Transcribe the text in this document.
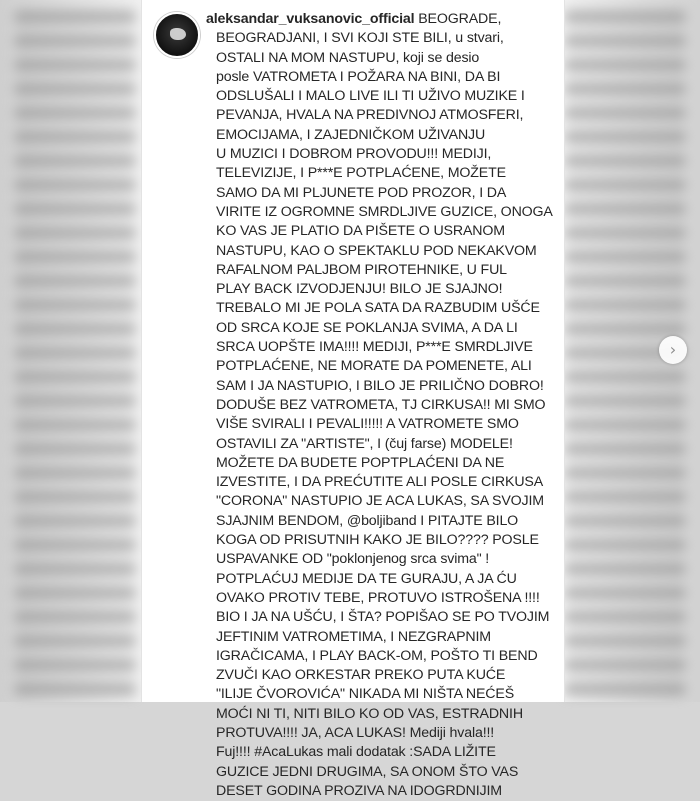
aleksandar_vuksanovic_official BEOGRADE,
BEOGRADJANI, I SVI KOJI STE BILI, u stvari,
OSTALI NA MOM NASTUPU, koji se desio
posle VATROMETA I POŽARA NA BINI, DA BI
ODSLUŠALI I MALO LIVE ILI TI UŽIVO MUZIKE I
PEVANJA, HVALA NA PREDIVNOJ ATMOSFERI,
EMOCIJAMA, I ZAJEDNIČKOM UŽIVANJU
U MUZICI I DOBROM PROVODU!!! MEDIJI,
TELEVIZIJE, I P***E POTPLAĆENE, MOŽETE
SAMO DA MI PLJUNETE POD PROZOR, I DA
VIRITE IZ OGROMNE SMRDLJIVE GUZICE, ONOGA
KO VAS JE PLATIO DA PIŠETE O USRANOM
NASTUPU, KAO O SPEKTAKLU POD NEKAKVOM
RAFALNOM PALJBOM PIROTEHNIKE, U FUL
PLAY BACK IZVODJENJU! BILO JE SJAJNO!
TREBALO MI JE POLA SATA DA RAZBUDIM UŠĆE
OD SRCA KOJE SE POKLANJA SVIMA, A DA LI
SRCA UOPŠTE IMA!!!! MEDIJI, P***E SMRDLJIVE
POTPLAĆENE, NE MORATE DA POMENETE, ALI
SAM I JA NASTUPIO, I BILO JE PRILIČNO DOBRO!
DODUŠE BEZ VATROMETA, TJ CIRKUSA!! MI SMO
VIŠE SVIRALI I PEVALI!!!!! A VATROMETE SMO
OSTAVILI ZA "ARTISTE", I (čuj farse) MODELE!
MOŽETE DA BUDETE POPTPLAĆENI DA NE
IZVESTITE, I DA PREĆUTITE ALI POSLE CIRKUSA
"CORONA" NASTUPIO JE ACA LUKAS, SA SVOJIM
SJAJNIM BENDOM, @boljiband I PITAJTE BILO
KOGA OD PRISUTNIH KAKO JE BILO???? POSLE
USPAVANKE OD "poklonjenog srca svima" !
POTPLAĆUJ MEDIJE DA TE GURAJU, A JA ĆU
OVAKO PROTIV TEBE, PROTUVO ISTROŠENA !!!!
BIO I JA NA UŠĆU, I ŠTA? POPIŠAO SE PO TVOJIM
JEFTINIM VATROMETIMA, I NEZGRAPNIM
IGRAČICAMA, I PLAY BACK-OM, POŠTO TI BEND
ZVUČI KAO ORKESTAR PREKO PUTA KUĆE
"ILIJE ČVOROVIĆA" NIKADA MI NIŠTA NEĆEŠ
MOĆI NI TI, NITI BILO KO OD VAS, ESTRADNIH
PROTUVA!!!! JA, ACA LUKAS! Mediji hvala!!!
Fuj!!!! #AcaLukas mali dodatak :SADA LIŽITE
GUZICE JEDNI DRUGIMA, SA ONOM ŠTO VAS
DESET GODINA PROZIVA NA IDOGRDNIJIM
›
